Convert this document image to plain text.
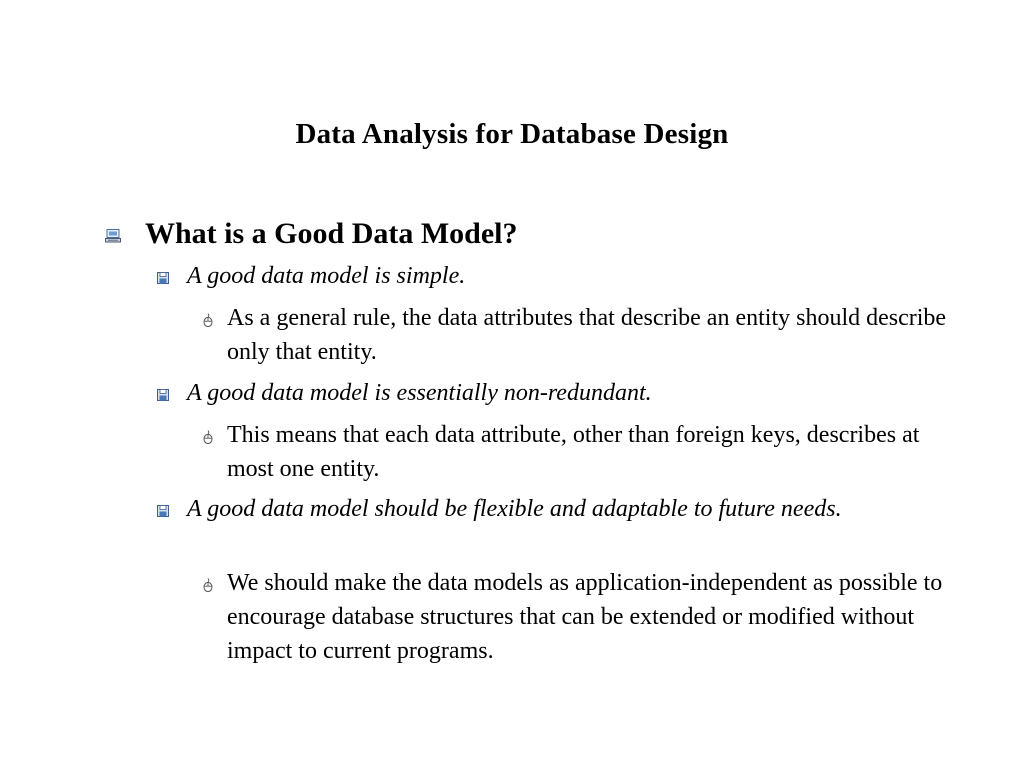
Data Analysis for Database Design
What is a Good Data Model?
A good data model is simple.
As a general rule, the data attributes that describe an entity should describe only that entity.
A good data model is essentially non-redundant.
This means that each data attribute, other than foreign keys, describes at most one entity.
A good data model should be flexible and adaptable to future needs.
We should make the data models as application-independent as possible to encourage database structures that can be extended or modified without impact to current programs.
